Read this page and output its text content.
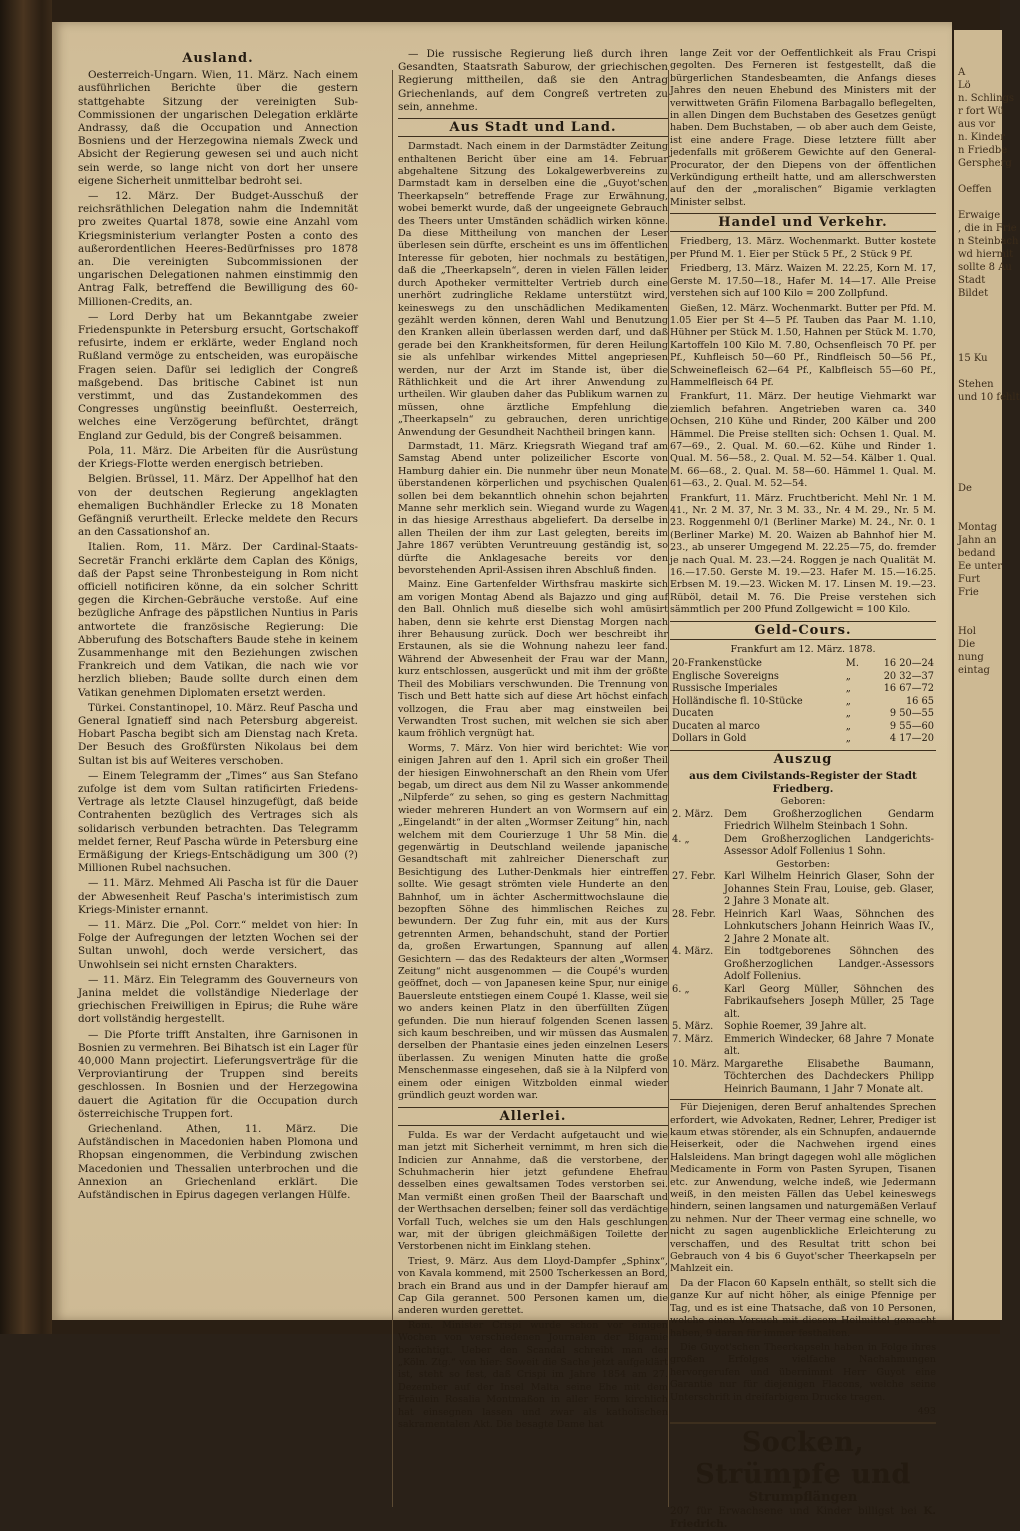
A
Lö
n. Schlings
r fort Wü
aus vor
n. Kinder
n Friedbe
Gerspherg

Oeffen

Erwaige
, die in Frie
n Steinbach
wd hiermit
sollte 8 Au
Stadt
Bildet

15 Ku

Stehen
und 10 fehlt

De

Montag
Jahn an
bedand
Ee unter
Furt
Frie

Hol
Die
nung
eintag
Ausland.

Oesterreich-Ungarn. Wien, 11. März. Nach einem ausführlichen Berichte über die gestern stattgehabte Sitzung der vereinigten Sub-Commissionen der ungarischen Delegation erklärte Andrassy, daß die Occupation und Annection Bosniens und der Herzegowina niemals Zweck und Absicht der Regierung gewesen sei und auch nicht sein werde, so lange nicht von dort her unsere eigene Sicherheit unmittelbar bedroht sei.

— 12. März. Der Budget-Ausschuß der reichsräthlichen Delegation nahm die Indemnität pro zweites Quartal 1878, sowie eine Anzahl vom Kriegsministerium verlangter Posten a conto des außerordentlichen Heeres-Bedürfnisses pro 1878 an. Die vereinigten Subcommissionen der ungarischen Delegationen nahmen einstimmig den Antrag Falk, betreffend die Bewilligung des 60-Millionen-Credits, an.

— Lord Derby hat um Bekanntgabe zweier Friedenspunkte in Petersburg ersucht, Gortschakoff refusirte, indem er erklärte, weder England noch Rußland vermöge zu entscheiden, was europäische Fragen seien. Dafür sei lediglich der Congreß maßgebend. Das britische Cabinet ist nun verstimmt, und das Zustandekommen des Congresses ungünstig beeinflußt. Oesterreich, welches eine Verzögerung befürchtet, drängt England zur Geduld, bis der Congreß beisammen.

Pola, 11. März. Die Arbeiten für die Ausrüstung der Kriegs-Flotte werden energisch betrieben.

Belgien. Brüssel, 11. März. Der Appellhof hat den von der deutschen Regierung angeklagten ehemaligen Buchhändler Erlecke zu 18 Monaten Gefängniß verurtheilt. Erlecke meldete den Recurs an den Cassationshof an.

Italien. Rom, 11. März. Der Cardinal-Staats-Secretär Franchi erklärte dem Caplan des Königs, daß der Papst seine Thronbesteigung in Rom nicht officiell notificiren könne, da ein solcher Schritt gegen die Kirchen-Gebräuche verstoße. Auf eine bezügliche Anfrage des päpstlichen Nuntius in Paris antwortete die französische Regierung: Die Abberufung des Botschafters Baude stehe in keinem Zusammenhange mit den Beziehungen zwischen Frankreich und dem Vatikan, die nach wie vor herzlich blieben; Baude sollte durch einen dem Vatikan genehmen Diplomaten ersetzt werden.

Türkei. Constantinopel, 10. März. Reuf Pascha und General Ignatieff sind nach Petersburg abgereist. Hobart Pascha begibt sich am Dienstag nach Kreta. Der Besuch des Großfürsten Nikolaus bei dem Sultan ist bis auf Weiteres verschoben.

— Einem Telegramm der „Times“ aus San Stefano zufolge ist dem vom Sultan ratificirten Friedens-Vertrage als letzte Clausel hinzugefügt, daß beide Contrahenten bezüglich des Vertrages sich als solidarisch verbunden betrachten. Das Telegramm meldet ferner, Reuf Pascha würde in Petersburg eine Ermäßigung der Kriegs-Entschädigung um 300 (?) Millionen Rubel nachsuchen.

— 11. März. Mehmed Ali Pascha ist für die Dauer der Abwesenheit Reuf Pascha's interimistisch zum Kriegs-Minister ernannt.

— 11. März. Die „Pol. Corr.“ meldet von hier: In Folge der Aufregungen der letzten Wochen sei der Sultan unwohl, doch werde versichert, das Unwohlsein sei nicht ernsten Charakters.

— 11. März. Ein Telegramm des Gouverneurs von Janina meldet die vollständige Niederlage der griechischen Freiwilligen in Epirus; die Ruhe wäre dort vollständig hergestellt.

— Die Pforte trifft Anstalten, ihre Garnisonen in Bosnien zu vermehren. Bei Bihatsch ist ein Lager für 40,000 Mann projectirt. Lieferungsverträge für die Verproviantirung der Truppen sind bereits geschlossen. In Bosnien und der Herzegowina dauert die Agitation für die Occupation durch österreichische Truppen fort.

Griechenland. Athen, 11. März. Die Aufständischen in Macedonien haben Plomona und Rhopsan eingenommen, die Verbindung zwischen Macedonien und Thessalien unterbrochen und die Annexion an Griechenland erklärt. Die Aufständischen in Epirus dagegen verlangen Hülfe.

— Die russische Regierung ließ durch ihren Gesandten, Staatsrath Saburow, der griechischen Regierung mittheilen, daß sie den Antrag Griechenlands, auf dem Congreß vertreten zu sein, annehme.

Aus Stadt und Land.

Darmstadt. Nach einem in der Darmstädter Zeitung enthaltenen Bericht über eine am 14. Februar abgehaltene Sitzung des Lokalgewerbvereins zu Darmstadt kam in derselben eine die „Guyot'schen Theerkapseln“ betreffende Frage zur Erwähnung, wobei bemerkt wurde, daß der ungeeignete Gebrauch des Theers unter Umständen schädlich wirken könne. Da diese Mittheilung von manchen der Leser überlesen sein dürfte, erscheint es uns im öffentlichen Interesse für geboten, hier nochmals zu bestätigen, daß die „Theerkapseln“, deren in vielen Fällen leider durch Apotheker vermittelter Vertrieb durch eine unerhört zudringliche Reklame unterstützt wird, keineswegs zu den unschädlichen Medikamenten gezählt werden können, deren Wahl und Benutzung den Kranken allein überlassen werden darf, und daß gerade bei den Krankheitsformen, für deren Heilung sie als unfehlbar wirkendes Mittel angepriesen werden, nur der Arzt im Stande ist, über die Räthlichkeit und die Art ihrer Anwendung zu urtheilen. Wir glauben daher das Publikum warnen zu müssen, ohne ärztliche Empfehlung die „Theerkapseln“ zu gebrauchen, deren unrichtige Anwendung der Gesundheit Nachtheil bringen kann.

Darmstadt, 11. März. Kriegsrath Wiegand traf am Samstag Abend unter polizeilicher Escorte von Hamburg dahier ein. Die nunmehr über neun Monate überstandenen körperlichen und psychischen Qualen sollen bei dem bekanntlich ohnehin schon bejahrten Manne sehr merklich sein. Wiegand wurde zu Wagen in das hiesige Arresthaus abgeliefert. Da derselbe in allen Theilen der ihm zur Last gelegten, bereits im Jahre 1867 verübten Veruntreuung geständig ist, so dürfte die Anklagesache bereits vor den bevorstehenden April-Assisen ihren Abschluß finden.

Mainz. Eine Gartenfelder Wirthsfrau maskirte sich am vorigen Montag Abend als Bajazzo und ging auf den Ball. Ohnlich muß dieselbe sich wohl amüsirt haben, denn sie kehrte erst Dienstag Morgen nach ihrer Behausung zurück. Doch wer beschreibt ihr Erstaunen, als sie die Wohnung nahezu leer fand. Während der Abwesenheit der Frau war der Mann, kurz entschlossen, ausgerückt und mit ihm der größte Theil des Mobiliars verschwunden. Die Trennung von Tisch und Bett hatte sich auf diese Art höchst einfach vollzogen, die Frau aber mag einstweilen bei Verwandten Trost suchen, mit welchen sie sich aber kaum fröhlich vergnügt hat.

Worms, 7. März. Von hier wird berichtet: Wie vor einigen Jahren auf den 1. April sich ein großer Theil der hiesigen Einwohnerschaft an den Rhein vom Ufer begab, um direct aus dem Nil zu Wasser ankommende „Nilpferde“ zu sehen, so ging es gestern Nachmittag wieder mehreren Hundert an von Wormsern auf ein „Eingelandt“ in der alten „Wormser Zeitung“ hin, nach welchem mit dem Courierzuge 1 Uhr 58 Min. die gegenwärtig in Deutschland weilende japanische Gesandtschaft mit zahlreicher Dienerschaft zur Besichtigung des Luther-Denkmals hier eintreffen sollte. Wie gesagt strömten viele Hunderte an den Bahnhof, um in ächter Aschermittwochslaune die bezopften Söhne des himmlischen Reiches zu bewundern. Der Zug fuhr ein, mit aus der Kurs getrennten Armen, behandschuht, stand der Portier da, großen Erwartungen, Spannung auf allen Gesichtern — das des Redakteurs der alten „Wormser Zeitung“ nicht ausgenommen — die Coupé's wurden geöffnet, doch — von Japanesen keine Spur, nur einige Bauersleute entstiegen einem Coupé 1. Klasse, weil sie wo anders keinen Platz in den überfüllten Zügen gefunden. Die nun hierauf folgenden Scenen lassen sich kaum beschreiben, und wir müssen das Ausmalen derselben der Phantasie eines jeden einzelnen Lesers überlassen. Zu wenigen Minuten hatte die große Menschenmasse eingesehen, daß sie à la Nilpferd von einem oder einigen Witzbolden einmal wieder gründlich geuzt worden war.

Allerlei.

Fulda. Es war der Verdacht aufgetaucht und wie man jetzt mit Sicherheit vernimmt, m hren sich die Indicien zur Annahme, daß die verstorbene, der Schuhmacherin hier jetzt gefundene Ehefrau desselben eines gewaltsamen Todes verstorben sei. Man vermißt einen großen Theil der Baarschaft und der Werthsachen derselben; feiner soll das verdächtige Vorfall Tuch, welches sie um den Hals geschlungen war, mit der übrigen gleichmäßigen Toilette der Verstorbenen nicht im Einklang stehen.

Triest, 9. März. Aus dem Lloyd-Dampfer „Sphinx“, von Kavala kommend, mit 2500 Tscherkessen an Bord, brach ein Brand aus und in der Dampfer hierauf am Cap Gila gerannet. 500 Personen kamen um, die anderen wurden gerettet.

Rom. Minister Crispi wurde schon vor einigen Wochen von verschiedenen Journalen der Bigamie bezüchtigt. Ueber den Scandal schreibt man der „Köln. Ztg.“ von hier: Soweit die Sache jetzt aufgeklärt ist, steht so fest, daß Crispi im Jahre 1854 am 27. Dezember auf der Insel Malta seine Ehe mit dem Fräulein Rosalia Montmaßon in aller Form kirchlich hat einsegnen lassen und zwar als katholischen sakramentalen Akt. Die besagte Dame hat

lange Zeit vor der Oeffentlichkeit als Frau Crispi gegolten. Des Ferneren ist festgestellt, daß die bürgerlichen Standesbeamten, die Anfangs dieses Jahres den neuen Ehebund des Ministers mit der verwittweten Gräfin Filomena Barbagallo beflegelten, in allen Dingen dem Buchstaben des Gesetzes genügt haben. Dem Buchstaben, — ob aber auch dem Geiste, ist eine andere Frage. Diese letztere füllt aber jedenfalls mit größerem Gewichte auf den General-Procurator, der den Diepens von der öffentlichen Verkündigung ertheilt hatte, und am allerschwersten auf den der „moralischen“ Bigamie verklagten Minister selbst.

Handel und Verkehr.

Friedberg, 13. März. Wochenmarkt. Butter kostete per Pfund M. 1. Eier per Stück 5 Pf., 2 Stück 9 Pf.

Friedberg, 13. März. Waizen M. 22.25, Korn M. 17, Gerste M. 17.50—18., Hafer M. 14—17. Alle Preise verstehen sich auf 100 Kilo = 200 Zollpfund.

Gießen, 12. März. Wochenmarkt. Butter per Pfd. M. 1.05 Eier per St 4—5 Pf. Tauben das Paar M. 1.10, Hühner per Stück M. 1.50, Hahnen per Stück M. 1.70, Kartoffeln 100 Kilo M. 7.80, Ochsenfleisch 70 Pf. per Pf., Kuhfleisch 50—60 Pf., Rindfleisch 50—56 Pf., Schweinefleisch 62—64 Pf., Kalbfleisch 55—60 Pf., Hammelfleisch 64 Pf.

Frankfurt, 11. März. Der heutige Viehmarkt war ziemlich befahren. Angetrieben waren ca. 340 Ochsen, 210 Kühe und Rinder, 200 Kälber und 200 Hämmel. Die Preise stellten sich: Ochsen 1. Qual. M. 67—69., 2. Qual. M. 60.—62. Kühe und Rinder 1. Qual. M. 56—58., 2. Qual. M. 52—54. Kälber 1. Qual. M. 66—68., 2. Qual. M. 58—60. Hämmel 1. Qual. M. 61—63., 2. Qual. M. 52—54.

Frankfurt, 11. März. Fruchtbericht. Mehl Nr. 1 M. 41., Nr. 2 M. 37, Nr. 3 M. 33., Nr. 4 M. 29., Nr. 5 M. 23. Roggenmehl 0/1 (Berliner Marke) M. 24., Nr. 0. 1 (Berliner Marke) M. 20. Waizen ab Bahnhof hier M. 23., ab unserer Umgegend M. 22.25—75, do. fremder je nach Qual. M. 23.—24. Roggen je nach Qualität M. 16.—17.50. Gerste M. 19.—23. Hafer M. 15.—16.25. Erbsen M. 19.—23. Wicken M. 17. Linsen M. 19.—23. Rüböl, detail M. 76. Die Preise verstehen sich sämmtlich per 200 Pfund Zollgewicht = 100 Kilo.

Geld-Cours.

Frankfurt am 12. März. 1878.

20-Frankenstücke	M.	16 20—24
Englische Sovereigns	„	20 32—37
Russische Imperiales	„	16 67—72
Holländische fl. 10-Stücke	„	16 65
Ducaten	„	9 50—55
Ducaten al marco	„	9 55—60
Dollars in Gold	„	4 17—20
Auszug
aus dem Civilstands-Register der Stadt Friedberg.
Geboren:
2. März.	Dem Großherzoglichen Gendarm Friedrich Wilhelm Steinbach 1 Sohn.
4. „	Dem Großherzoglichen Landgerichts-Assessor Adolf Follenius 1 Sohn.
Gestorben:
27. Febr.	Karl Wilhelm Heinrich Glaser, Sohn der Johannes Stein Frau, Louise, geb. Glaser, 2 Jahre 3 Monate alt.
28. Febr.	Heinrich Karl Waas, Söhnchen des Lohnkutschers Johann Heinrich Waas IV., 2 Jahre 2 Monate alt.
4. März.	Ein todtgeborenes Söhnchen des Großherzoglichen Landger.-Assessors Adolf Follenius.
6. „	Karl Georg Müller, Söhnchen des Fabrikaufsehers Joseph Müller, 25 Tage alt.
5. März.	Sophie Roemer, 39 Jahre alt.
7. März.	Emmerich Windecker, 68 Jahre 7 Monate alt.
10. März.	Margarethe Elisabethe Baumann, Töchterchen des Dachdeckers Philipp Heinrich Baumann, 1 Jahr 7 Monate alt.

Für Diejenigen, deren Beruf anhaltendes Sprechen erfordert, wie Advokaten, Redner, Lehrer, Prediger ist kaum etwas störender, als ein Schnupfen, andauernde Heiserkeit, oder die Nachwehen irgend eines Halsleidens. Man bringt dagegen wohl alle möglichen Medicamente in Form von Pasten Syrupen, Tisanen etc. zur Anwendung, welche indeß, wie Jedermann weiß, in den meisten Fällen das Uebel keineswegs hindern, seinen langsamen und naturgemäßen Verlauf zu nehmen. Nur der Theer vermag eine schnelle, wo nicht zu sagen augenblickliche Erleichterung zu verschaffen, und des Resultat tritt schon bei Gebrauch von 4 bis 6 Guyot'scher Theerkapseln per Mahlzeit ein.

Da der Flacon 60 Kapseln enthält, so stellt sich die ganze Kur auf nicht höher, als einige Pfennige per Tag, und es ist eine Thatsache, daß von 10 Personen, welche einen Versuch mit diesem Heilmittel gemacht haben, 9 daran für immer festhalten.

Die Guyot'schen Theerkapseln haben in Folge ihres großen Erfolges vielfache Nachahmungen hervorgerufen und übernimmt Herr Guyot eine Garantie nur für diejenigen Flacons, welche seine Unterschrift in dreifarbigem Drucke tragen.

493
Socken, Strümpfe und
Strumpflängen
207 für Erwachsene und Kinder billigst bei K. Friedrich.
